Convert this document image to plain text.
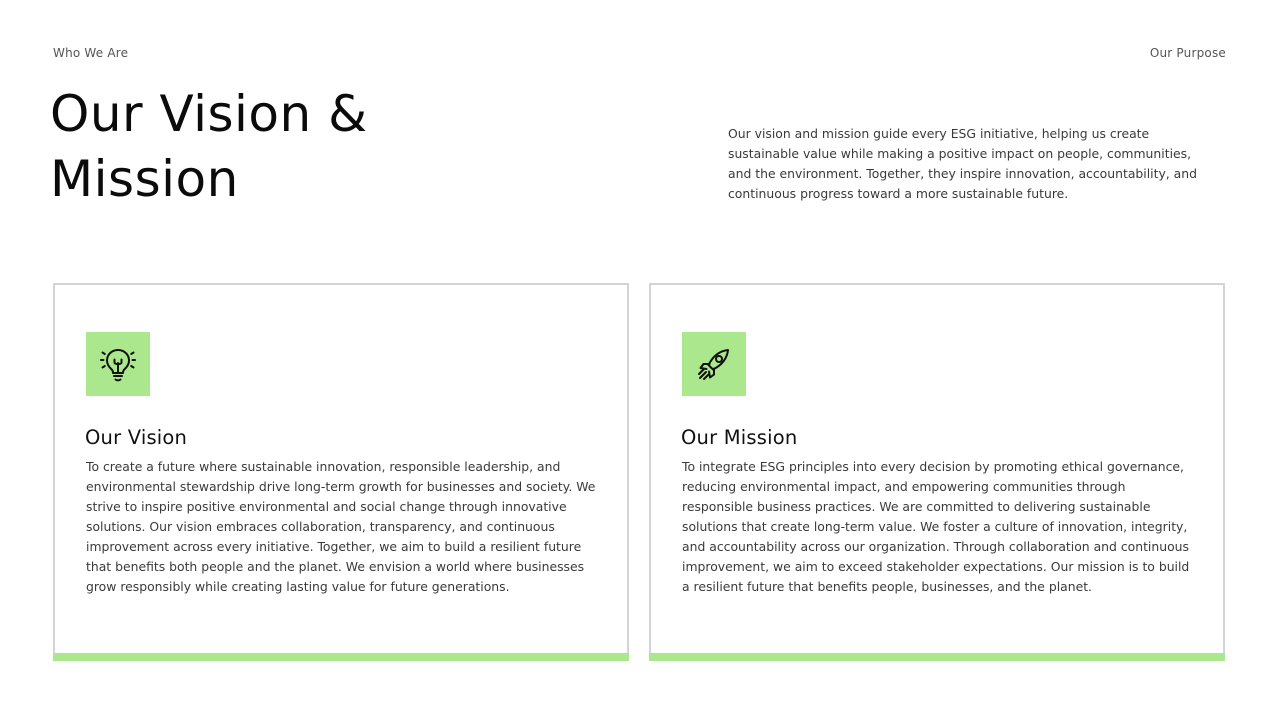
Who We Are	Our Purpose
Our Vision &
Mission

Our vision and mission guide every ESG initiative, helping us create sustainable value while making a positive impact on people, communities, and the environment. Together, they inspire innovation, accountability, and continuous progress toward a more sustainable future.

Our Vision

To create a future where sustainable innovation, responsible leadership, and environmental stewardship drive long-term growth for businesses and society. We strive to inspire positive environmental and social change through innovative solutions. Our vision embraces collaboration, transparency, and continuous improvement across every initiative. Together, we aim to build a resilient future that benefits both people and the planet. We envision a world where businesses grow responsibly while creating lasting value for future generations.

Our Mission

To integrate ESG principles into every decision by promoting ethical governance, reducing environmental impact, and empowering communities through responsible business practices. We are committed to delivering sustainable solutions that create long-term value. We foster a culture of innovation, integrity, and accountability across our organization. Through collaboration and continuous improvement, we aim to exceed stakeholder expectations. Our mission is to build a resilient future that benefits people, businesses, and the planet.
